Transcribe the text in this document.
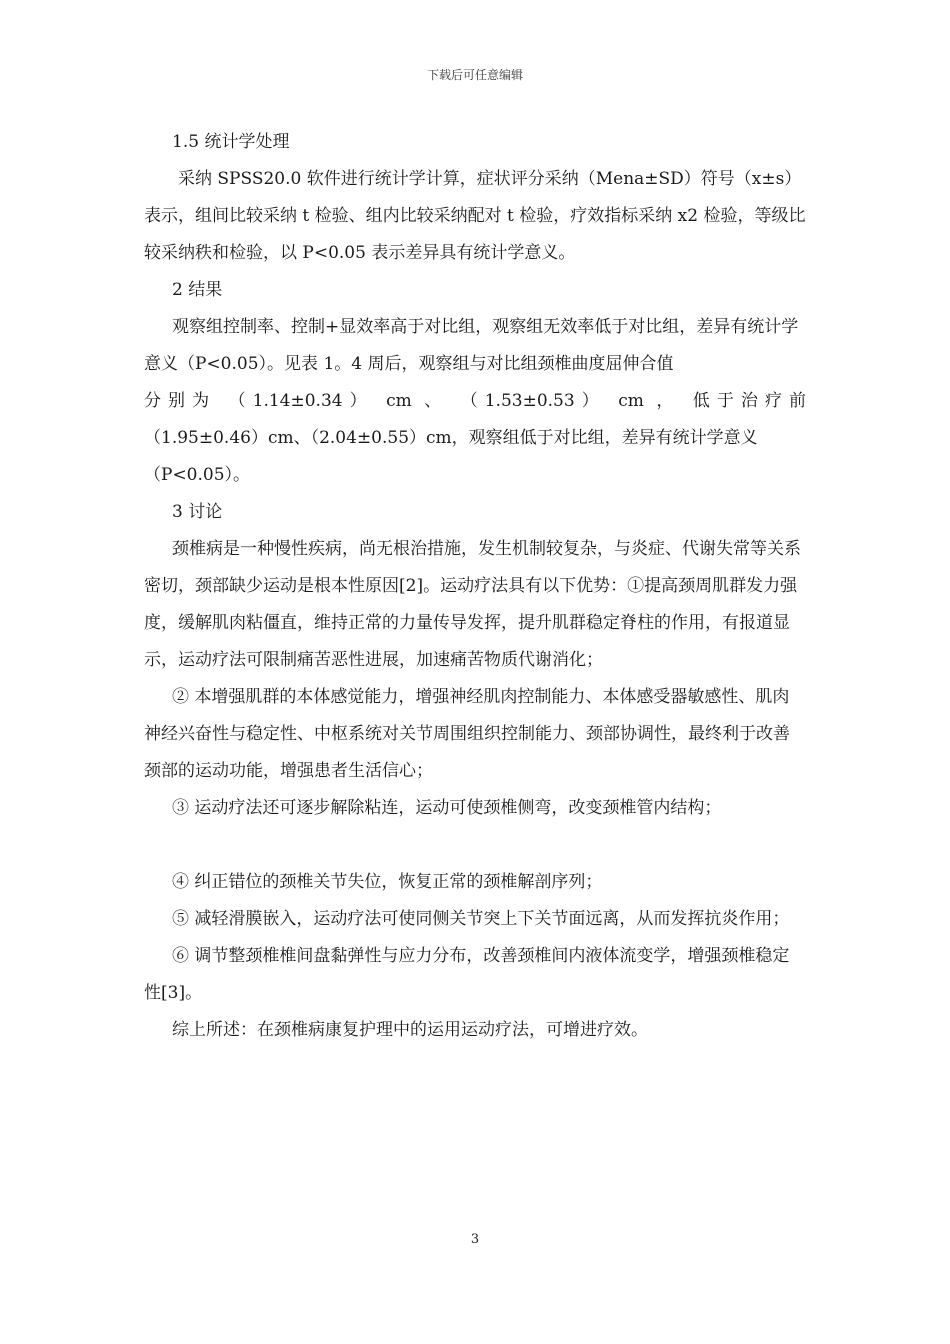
下载后可任意编辑

1.5 统计学处理

采纳 SPSS20.0 软件进行统计学计算，症状评分采纳（Mena±SD）符号（x±s）表示，组间比较采纳 t 检验、组内比较采纳配对 t 检验，疗效指标采纳 x2 检验，等级比较采纳秩和检验，以 P<0.05 表示差异具有统计学意义。

2 结果

观察组控制率、控制+显效率高于对比组，观察组无效率低于对比组，差异有统计学意义（P<0.05）。见表 1。4 周后，观察组与对比组颈椎曲度屈伸合值

分别为 （1.14±0.34） cm 、 （1.53±0.53） cm ， 低于治疗前

（1.95±0.46）cm、（2.04±0.55）cm，观察组低于对比组，差异有统计学意义（P<0.05）。

3 讨论

颈椎病是一种慢性疾病，尚无根治措施，发生机制较复杂，与炎症、代谢失常等关系密切，颈部缺少运动是根本性原因[2]。运动疗法具有以下优势：①提高颈周肌群发力强度，缓解肌肉粘僵直，维持正常的力量传导发挥，提升肌群稳定脊柱的作用，有报道显示，运动疗法可限制痛苦恶性进展，加速痛苦物质代谢消化；

② 本增强肌群的本体感觉能力，增强神经肌肉控制能力、本体感受器敏感性、肌肉神经兴奋性与稳定性、中枢系统对关节周围组织控制能力、颈部协调性，最终利于改善颈部的运动功能，增强患者生活信心；

③ 运动疗法还可逐步解除粘连，运动可使颈椎侧弯，改变颈椎管内结构；

④ 纠正错位的颈椎关节失位，恢复正常的颈椎解剖序列；

⑤ 减轻滑膜嵌入，运动疗法可使同侧关节突上下关节面远离，从而发挥抗炎作用；

⑥ 调节整颈椎椎间盘黏弹性与应力分布，改善颈椎间内液体流变学，增强颈椎稳定性[3]。

综上所述：在颈椎病康复护理中的运用运动疗法，可增进疗效。

3
